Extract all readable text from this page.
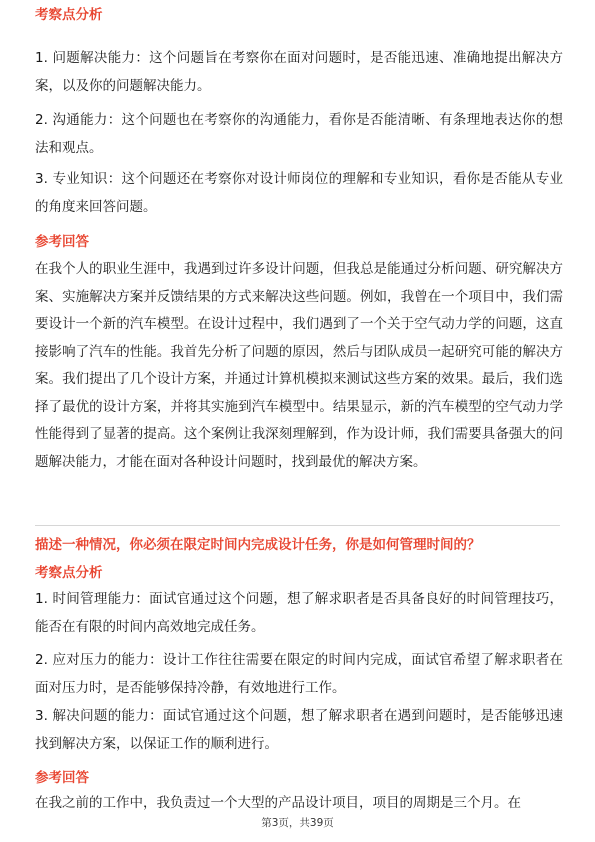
考察点分析

1. 问题解决能力：这个问题旨在考察你在面对问题时，是否能迅速、准确地提出解决方案，以及你的问题解决能力。

2. 沟通能力：这个问题也在考察你的沟通能力，看你是否能清晰、有条理地表达你的想法和观点。

3. 专业知识：这个问题还在考察你对设计师岗位的理解和专业知识，看你是否能从专业的角度来回答问题。

参考回答

在我个人的职业生涯中，我遇到过许多设计问题，但我总是能通过分析问题、研究解决方案、实施解决方案并反馈结果的方式来解决这些问题。例如，我曾在一个项目中，我们需要设计一个新的汽车模型。在设计过程中，我们遇到了一个关于空气动力学的问题，这直接影响了汽车的性能。我首先分析了问题的原因，然后与团队成员一起研究可能的解决方案。我们提出了几个设计方案，并通过计算机模拟来测试这些方案的效果。最后，我们选择了最优的设计方案，并将其实施到汽车模型中。结果显示，新的汽车模型的空气动力学性能得到了显著的提高。这个案例让我深刻理解到，作为设计师，我们需要具备强大的问题解决能力，才能在面对各种设计问题时，找到最优的解决方案。

描述一种情况，你必须在限定时间内完成设计任务，你是如何管理时间的？
考察点分析

1. 时间管理能力：面试官通过这个问题，想了解求职者是否具备良好的时间管理技巧，能否在有限的时间内高效地完成任务。

2. 应对压力的能力：设计工作往往需要在限定的时间内完成，面试官希望了解求职者在面对压力时，是否能够保持冷静，有效地进行工作。

3. 解决问题的能力：面试官通过这个问题，想了解求职者在遇到问题时，是否能够迅速找到解决方案，以保证工作的顺利进行。

参考回答

在我之前的工作中，我负责过一个大型的产品设计项目，项目的周期是三个月。在

第3页，共39页
